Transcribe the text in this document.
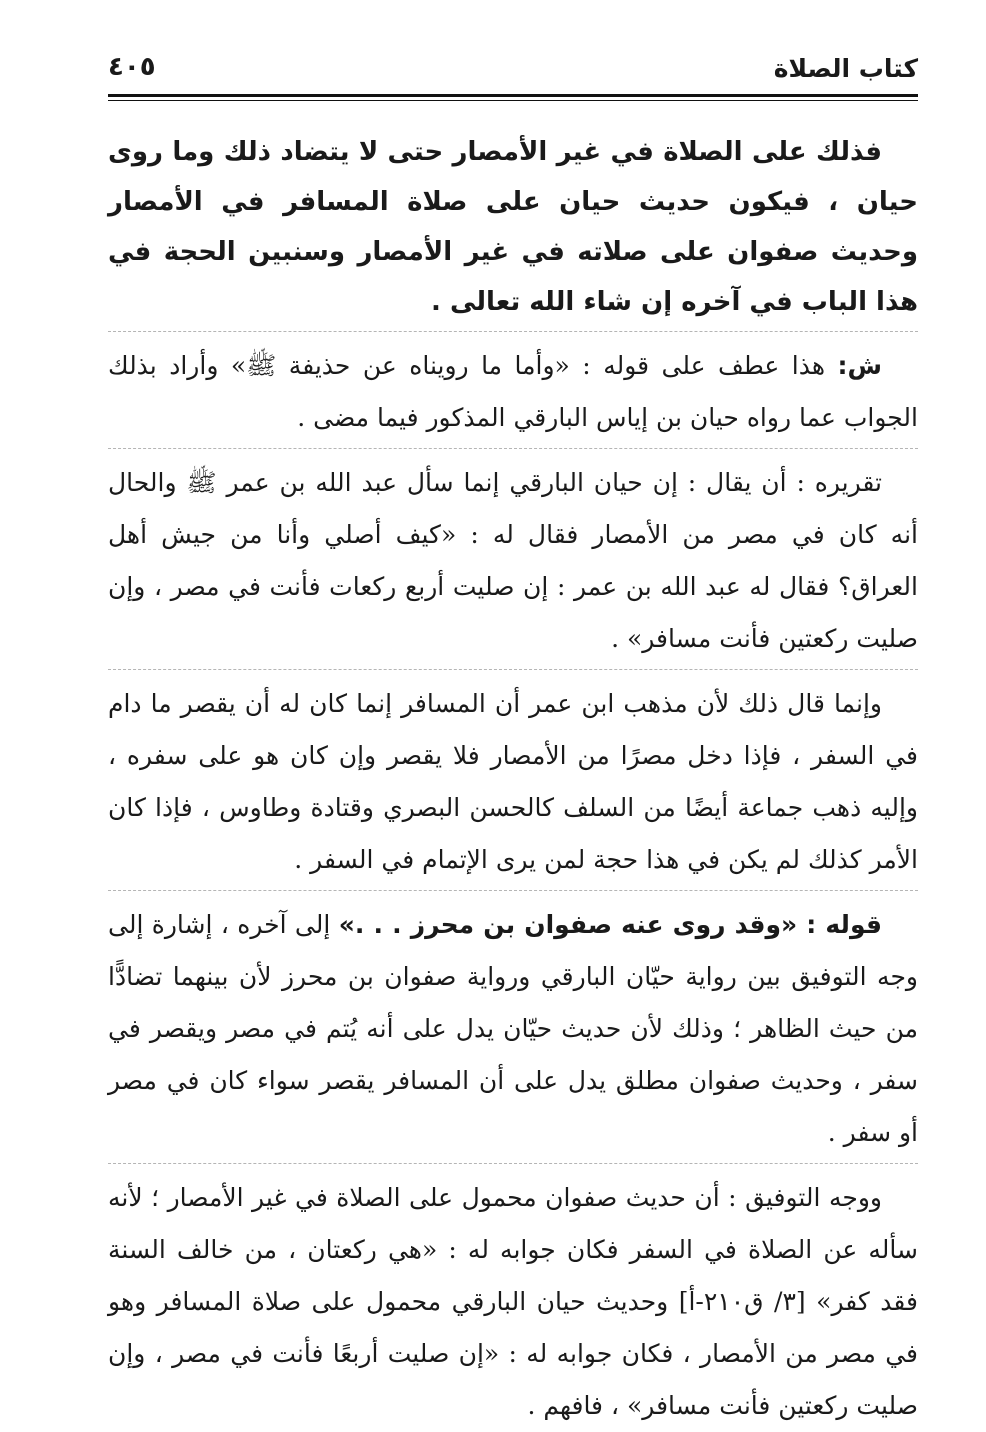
كتاب الصلاة
٤٠٥

فذلك على الصلاة في غير الأمصار حتى لا يتضاد ذلك وما روى حيان ، فيكون حديث حيان على صلاة المسافر في الأمصار وحديث صفوان على صلاته في غير الأمصار وسنبين الحجة في هذا الباب في آخره إن شاء الله تعالى .

ش: هذا عطف على قوله : «وأما ما رويناه عن حذيفة ﷺ» وأراد بذلك الجواب عما رواه حيان بن إياس البارقي المذكور فيما مضى .

تقريره : أن يقال : إن حيان البارقي إنما سأل عبد الله بن عمر ﷺ والحال أنه كان في مصر من الأمصار فقال له : «كيف أصلي وأنا من جيش أهل العراق؟ فقال له عبد الله بن عمر : إن صليت أربع ركعات فأنت في مصر ، وإن صليت ركعتين فأنت مسافر» .

وإنما قال ذلك لأن مذهب ابن عمر أن المسافر إنما كان له أن يقصر ما دام في السفر ، فإذا دخل مصرًا من الأمصار فلا يقصر وإن كان هو على سفره ، وإليه ذهب جماعة أيضًا من السلف كالحسن البصري وقتادة وطاوس ، فإذا كان الأمر كذلك لم يكن في هذا حجة لمن يرى الإتمام في السفر .

قوله : «وقد روى عنه صفوان بن محرز . . .» إلى آخره ، إشارة إلى وجه التوفيق بين رواية حيّان البارقي ورواية صفوان بن محرز لأن بينهما تضادًّا من حيث الظاهر ؛ وذلك لأن حديث حيّان يدل على أنه يُتم في مصر ويقصر في سفر ، وحديث صفوان مطلق يدل على أن المسافر يقصر سواء كان في مصر أو سفر .

ووجه التوفيق : أن حديث صفوان محمول على الصلاة في غير الأمصار ؛ لأنه سأله عن الصلاة في السفر فكان جوابه له : «هي ركعتان ، من خالف السنة فقد كفر» [٣/ ق٢١٠-أ] وحديث حيان البارقي محمول على صلاة المسافر وهو في مصر من الأمصار ، فكان جوابه له : «إن صليت أربعًا فأنت في مصر ، وإن صليت ركعتين فأنت مسافر» ، فافهم .
